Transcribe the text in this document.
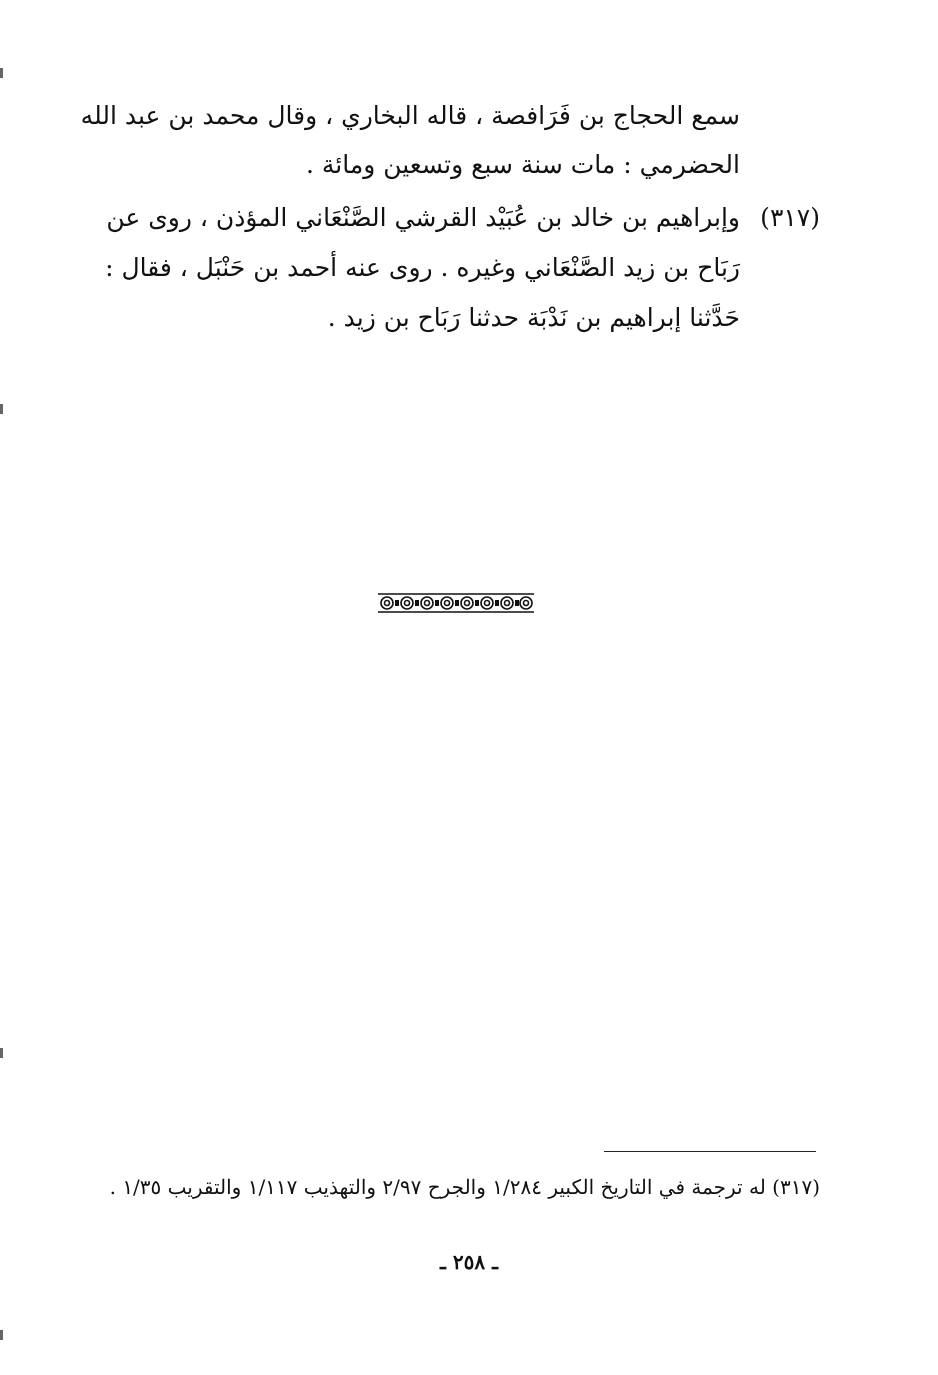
سمع الحجاج بن فَرَافصة ، قاله البخاري ، وقال محمد بن عبد الله
الحضرمي : مات سنة سبع وتسعين ومائة .
(٣١٧)
وإبراهيم بن خالد بن عُبَيْد القرشي الصَّنْعَاني المؤذن ، روى عن
رَبَاح بن زيد الصَّنْعَاني وغيره . روى عنه أحمد بن حَنْبَل ، فقال :
حَدَّثنا إبراهيم بن نَدْبَة حدثنا رَبَاح بن زيد .
(٣١٧) له ترجمة في التاريخ الكبير ١/٢٨٤ والجرح ٢/٩٧ والتهذيب ١/١١٧ والتقريب ١/٣٥ .
ـ ٢٥٨ ـ
